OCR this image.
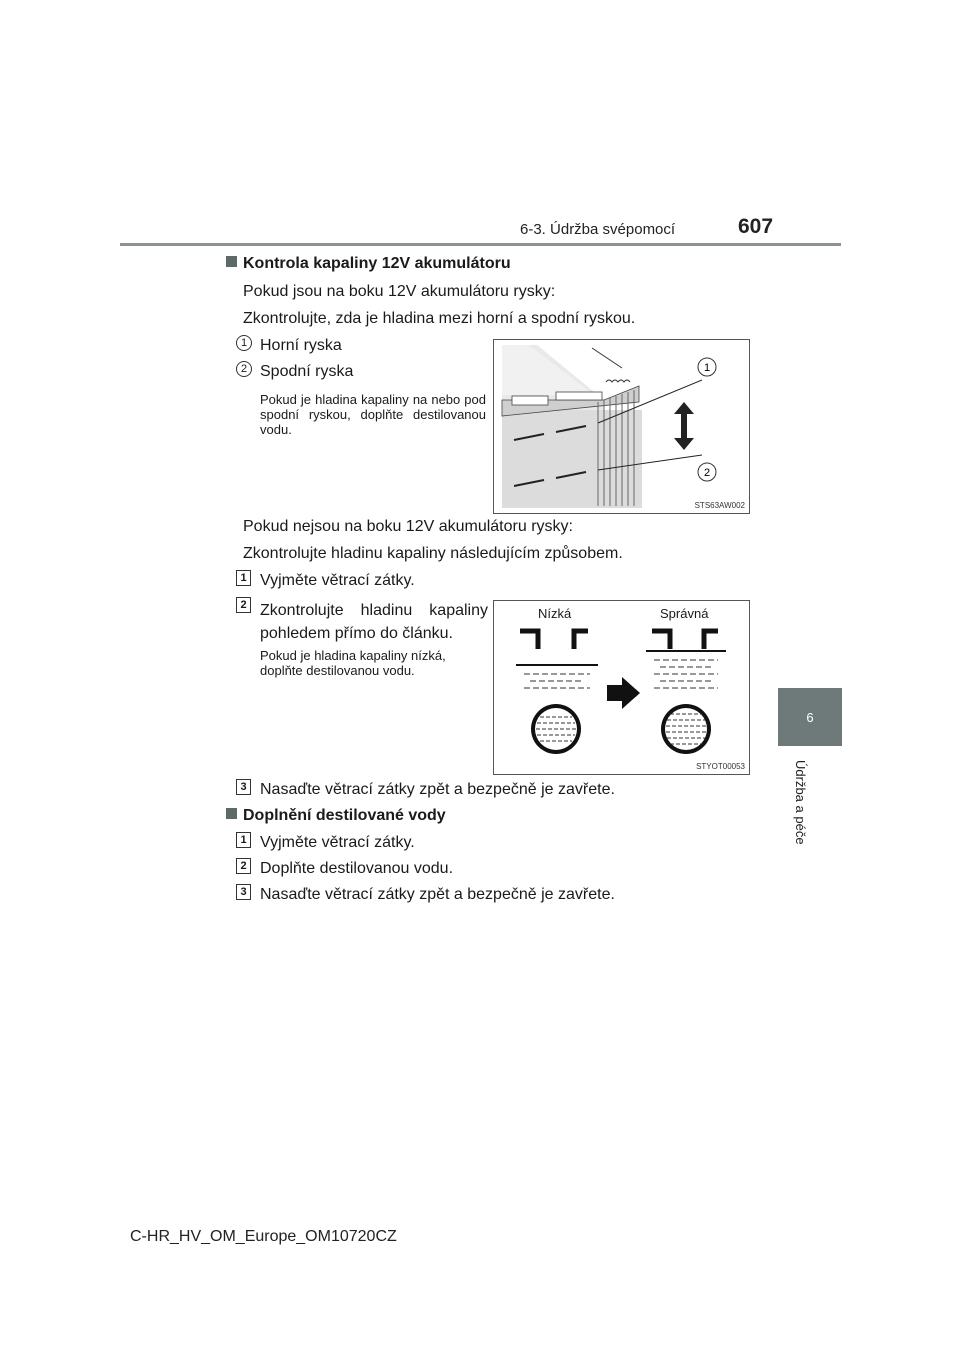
6-3. Údržba svépomocí	607
6
Údržba a péče
Kontrola kapaliny 12V akumulátoru
Pokud jsou na boku 12V akumulátoru rysky:
Zkontrolujte, zda je hladina mezi horní a spodní ryskou.
1 Horní ryska
2 Spodní ryska
Pokud je hladina kapaliny na nebo pod spodní ryskou, doplňte destilovanou vodu.
1
2
STS63AW002
Pokud nejsou na boku 12V akumulátoru rysky:
Zkontrolujte hladinu kapaliny následujícím způsobem.
1 Vyjměte větrací zátky.
2 Zkontrolujte hladinu kapaliny pohledem přímo do článku.
Pokud je hladina kapaliny nízká, doplňte destilovanou vodu.
Nízká	Správná
STYOT00053
3 Nasaďte větrací zátky zpět a bezpečně je zavřete.
Doplnění destilované vody
1 Vyjměte větrací zátky.
2 Doplňte destilovanou vodu.
3 Nasaďte větrací zátky zpět a bezpečně je zavřete.
C-HR_HV_OM_Europe_OM10720CZ
